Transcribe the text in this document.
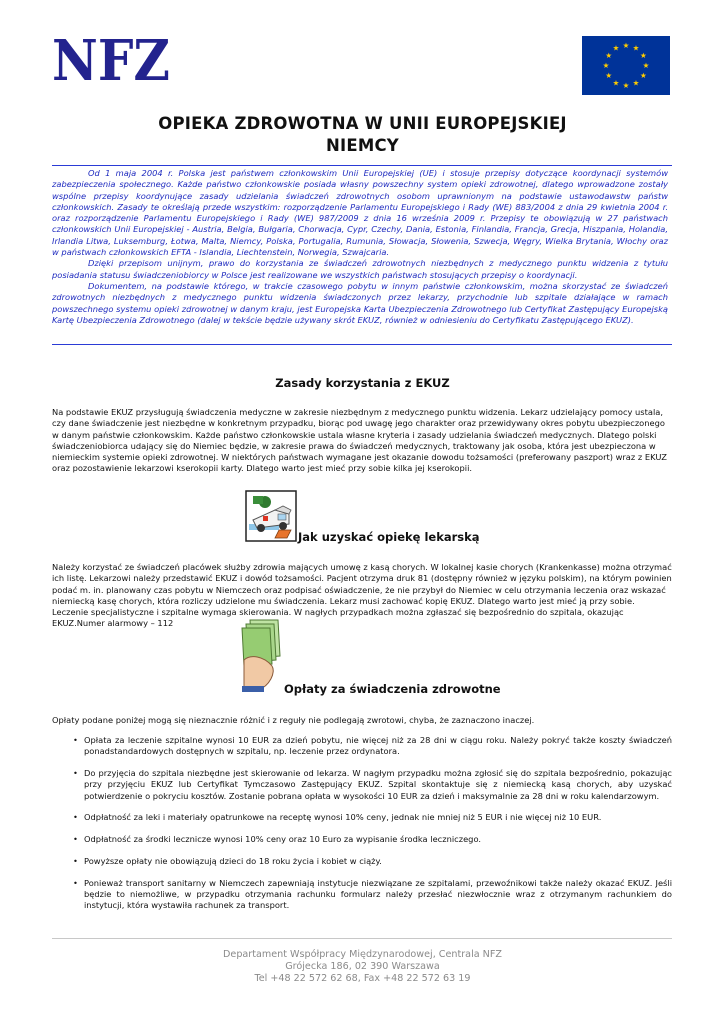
NFZ	★ ★
★
★
★
★
★
★
★
★
★
★
OPIEKA ZDROWOTNA W UNII EUROPEJSKIEJ
NIEMCY

Od 1 maja 2004 r. Polska jest państwem członkowskim Unii Europejskiej (UE) i stosuje przepisy dotyczące koordynacji systemów zabezpieczenia społecznego. Każde państwo członkowskie posiada własny powszechny system opieki zdrowotnej, dlatego wprowadzone zostały wspólne przepisy koordynujące zasady udzielania świadczeń zdrowotnych osobom uprawnionym na podstawie ustawodawstw państw członkowskich. Zasady te określają przede wszystkim: rozporządzenie Parlamentu Europejskiego i Rady (WE) 883/2004 z dnia 29 kwietnia 2004 r. oraz rozporządzenie Parlamentu Europejskiego i Rady (WE) 987/2009 z dnia 16 września 2009 r. Przepisy te obowiązują w 27 państwach członkowskich Unii Europejskiej - Austria, Belgia, Bułgaria, Chorwacja, Cypr, Czechy, Dania, Estonia, Finlandia, Francja, Grecja, Hiszpania, Holandia, Irlandia Litwa, Luksemburg, Łotwa, Malta, Niemcy, Polska, Portugalia, Rumunia, Słowacja, Słowenia, Szwecja, Węgry, Wielka Brytania, Włochy oraz w państwach członkowskich EFTA - Islandia, Liechtenstein, Norwegia, Szwajcaria.

Dzięki przepisom unijnym, prawo do korzystania ze świadczeń zdrowotnych niezbędnych z medycznego punktu widzenia z tytułu posiadania statusu świadczeniobiorcy w Polsce jest realizowane we wszystkich państwach stosujących przepisy o koordynacji.

Dokumentem, na podstawie którego, w trakcie czasowego pobytu w innym państwie członkowskim, można skorzystać ze świadczeń zdrowotnych niezbędnych z medycznego punktu widzenia świadczonych przez lekarzy, przychodnie lub szpitale działające w ramach powszechnego systemu opieki zdrowotnej w danym kraju, jest Europejska Karta Ubezpieczenia Zdrowotnego lub Certyfikat Zastępujący Europejską Kartę Ubezpieczenia Zdrowotnego (dalej w tekście będzie używany skrót EKUZ, również w odniesieniu do Certyfikatu Zastępującego EKUZ).

Zasady korzystania z EKUZ

Na podstawie EKUZ przysługują świadczenia medyczne w zakresie niezbędnym z medycznego punktu widzenia. Lekarz udzielający pomocy ustala, czy dane świadczenie jest niezbędne w konkretnym przypadku, biorąc pod uwagę jego charakter oraz przewidywany okres pobytu ubezpieczonego w danym państwie członkowskim. Każde państwo członkowskie ustala własne kryteria i zasady udzielania świadczeń medycznych. Dlatego polski świadczeniobiorca udający się do Niemiec będzie, w zakresie prawa do świadczeń medycznych, traktowany jak osoba, która jest ubezpieczona w niemieckim systemie opieki zdrowotnej. W niektórych państwach wymagane jest okazanie dowodu tożsamości (preferowany paszport) wraz z EKUZ oraz pozostawienie lekarzowi kserokopii karty. Dlatego warto jest mieć przy sobie kilka jej kserokopii.

Jak uzyskać opiekę lekarską

Należy korzystać ze świadczeń placówek służby zdrowia mających umowę z kasą chorych. W lokalnej kasie chorych (Krankenkasse) można otrzymać ich listę. Lekarzowi należy przedstawić EKUZ i dowód tożsamości. Pacjent otrzyma druk 81 (dostępny również w języku polskim), na którym powinien podać m. in. planowany czas pobytu w Niemczech oraz podpisać oświadczenie, że nie przybył do Niemiec w celu otrzymania leczenia oraz wskazać niemiecką kasę chorych, która rozliczy udzielone mu świadczenia. Lekarz musi zachować kopię EKUZ. Dlatego warto jest mieć ją przy sobie. Leczenie specjalistyczne i szpitalne wymaga skierowania. W nagłych przypadkach można zgłaszać się bezpośrednio do szpitala, okazując EKUZ.Numer alarmowy – 112

Opłaty za świadczenia zdrowotne

Opłaty podane poniżej mogą się nieznacznie różnić i z reguły nie podlegają zwrotowi, chyba, że zaznaczono inaczej.

• Opłata za leczenie szpitalne wynosi 10 EUR za dzień pobytu, nie więcej niż za 28 dni w ciągu roku. Należy pokryć także koszty świadczeń ponadstandardowych dostępnych w szpitalu, np. leczenie przez ordynatora.
• Do przyjęcia do szpitala niezbędne jest skierowanie od lekarza. W nagłym przypadku można zgłosić się do szpitala bezpośrednio, pokazując przy przyjęciu EKUZ lub Certyfikat Tymczasowo Zastępujący EKUZ. Szpital skontaktuje się z niemiecką kasą chorych, aby uzyskać potwierdzenie o pokryciu kosztów. Zostanie pobrana opłata w wysokości 10 EUR za dzień i maksymalnie za 28 dni w roku kalendarzowym.
• Odpłatność za leki i materiały opatrunkowe na receptę wynosi 10% ceny, jednak nie mniej niż 5 EUR i nie więcej niż 10 EUR.
• Odpłatność za środki lecznicze wynosi 10% ceny oraz 10 Euro za wypisanie środka leczniczego.
• Powyższe opłaty nie obowiązują dzieci do 18 roku życia i kobiet w ciąży.
• Ponieważ transport sanitarny w Niemczech zapewniają instytucje niezwiązane ze szpitalami, przewoźnikowi także należy okazać EKUZ. Jeśli będzie to niemożliwe, w przypadku otrzymania rachunku formularz należy przesłać niezwłocznie wraz z otrzymanym rachunkiem do instytucji, która wystawiła rachunek za transport.
Departament Współpracy Międzynarodowej, Centrala NFZ
Grójecka 186, 02 390 Warszawa
Tel +48 22 572 62 68, Fax +48 22 572 63 19
